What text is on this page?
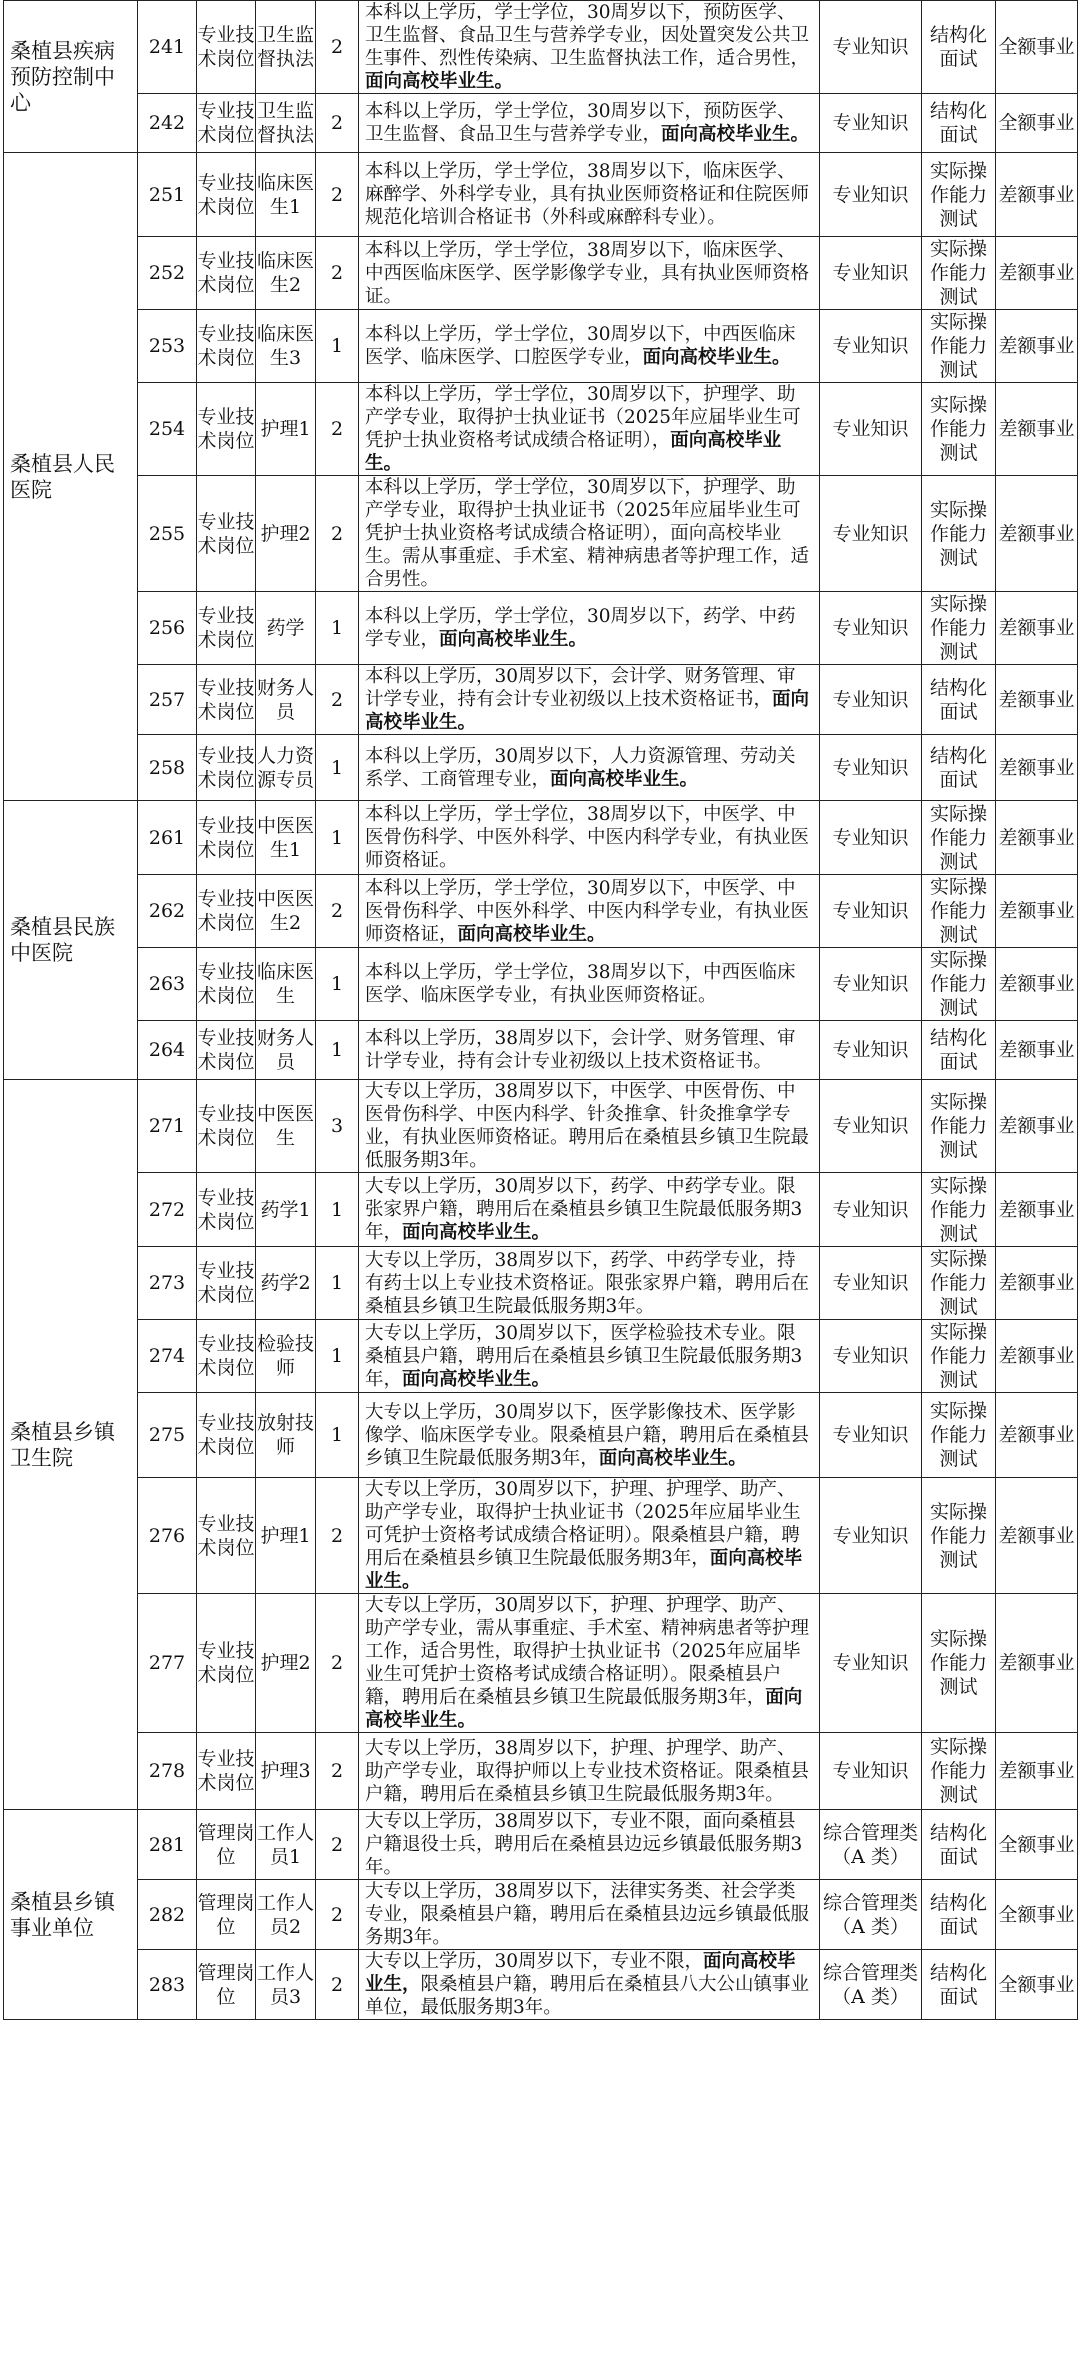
桑植县疾病预防控制中心	241	专业技术岗位	卫生监督执法	2	本科以上学历，学士学位，30周岁以下，预防医学、卫生监督、食品卫生与营养学专业，因处置突发公共卫生事件、烈性传染病、卫生监督执法工作，适合男性，面向高校毕业生。	专业知识	结构化面试	全额事业
	242	专业技术岗位	卫生监督执法	2	本科以上学历，学士学位，30周岁以下，预防医学、卫生监督、食品卫生与营养学专业，面向高校毕业生。	专业知识	结构化面试	全额事业
桑植县人民医院	251	专业技术岗位	临床医生1	2	本科以上学历，学士学位，38周岁以下，临床医学、麻醉学、外科学专业，具有执业医师资格证和住院医师规范化培训合格证书（外科或麻醉科专业）。	专业知识	实际操作能力测试	差额事业
	252	专业技术岗位	临床医生2	2	本科以上学历，学士学位，38周岁以下，临床医学、中西医临床医学、医学影像学专业，具有执业医师资格证。	专业知识	实际操作能力测试	差额事业
	253	专业技术岗位	临床医生3	1	本科以上学历，学士学位，30周岁以下，中西医临床医学、临床医学、口腔医学专业，面向高校毕业生。	专业知识	实际操作能力测试	差额事业
	254	专业技术岗位	护理1	2	本科以上学历，学士学位，30周岁以下，护理学、助产学专业，取得护士执业证书（2025年应届毕业生可凭护士执业资格考试成绩合格证明），面向高校毕业生。	专业知识	实际操作能力测试	差额事业
	255	专业技术岗位	护理2	2	本科以上学历，学士学位，30周岁以下，护理学、助产学专业，取得护士执业证书（2025年应届毕业生可凭护士执业资格考试成绩合格证明），面向高校毕业生。需从事重症、手术室、精神病患者等护理工作，适合男性。	专业知识	实际操作能力测试	差额事业
	256	专业技术岗位	药学	1	本科以上学历，学士学位，30周岁以下，药学、中药学专业，面向高校毕业生。	专业知识	实际操作能力测试	差额事业
	257	专业技术岗位	财务人员	2	本科以上学历，30周岁以下，会计学、财务管理、审计学专业，持有会计专业初级以上技术资格证书，面向高校毕业生。	专业知识	结构化面试	差额事业
	258	专业技术岗位	人力资源专员	1	本科以上学历，30周岁以下，人力资源管理、劳动关系学、工商管理专业，面向高校毕业生。	专业知识	结构化面试	差额事业
桑植县民族中医院	261	专业技术岗位	中医医生1	1	本科以上学历，学士学位，38周岁以下，中医学、中医骨伤科学、中医外科学、中医内科学专业，有执业医师资格证。	专业知识	实际操作能力测试	差额事业
	262	专业技术岗位	中医医生2	2	本科以上学历，学士学位，30周岁以下，中医学、中医骨伤科学、中医外科学、中医内科学专业，有执业医师资格证，面向高校毕业生。	专业知识	实际操作能力测试	差额事业
	263	专业技术岗位	临床医生	1	本科以上学历，学士学位，38周岁以下，中西医临床医学、临床医学专业，有执业医师资格证。	专业知识	实际操作能力测试	差额事业
	264	专业技术岗位	财务人员	1	本科以上学历，38周岁以下，会计学、财务管理、审计学专业，持有会计专业初级以上技术资格证书。	专业知识	结构化面试	差额事业
桑植县乡镇卫生院	271	专业技术岗位	中医医生	3	大专以上学历，38周岁以下，中医学、中医骨伤、中医骨伤科学、中医内科学、针灸推拿、针灸推拿学专业，有执业医师资格证。聘用后在桑植县乡镇卫生院最低服务期3年。	专业知识	实际操作能力测试	差额事业
	272	专业技术岗位	药学1	1	大专以上学历，30周岁以下，药学、中药学专业。限张家界户籍，聘用后在桑植县乡镇卫生院最低服务期3年，面向高校毕业生。	专业知识	实际操作能力测试	差额事业
	273	专业技术岗位	药学2	1	大专以上学历，38周岁以下，药学、中药学专业，持有药士以上专业技术资格证。限张家界户籍，聘用后在桑植县乡镇卫生院最低服务期3年。	专业知识	实际操作能力测试	差额事业
	274	专业技术岗位	检验技师	1	大专以上学历，30周岁以下，医学检验技术专业。限桑植县户籍，聘用后在桑植县乡镇卫生院最低服务期3年，面向高校毕业生。	专业知识	实际操作能力测试	差额事业
	275	专业技术岗位	放射技师	1	大专以上学历，30周岁以下，医学影像技术、医学影像学、临床医学专业。限桑植县户籍，聘用后在桑植县乡镇卫生院最低服务期3年，面向高校毕业生。	专业知识	实际操作能力测试	差额事业
	276	专业技术岗位	护理1	2	大专以上学历，30周岁以下，护理、护理学、助产、助产学专业，取得护士执业证书（2025年应届毕业生可凭护士资格考试成绩合格证明）。限桑植县户籍，聘用后在桑植县乡镇卫生院最低服务期3年，面向高校毕业生。	专业知识	实际操作能力测试	差额事业
	277	专业技术岗位	护理2	2	大专以上学历，30周岁以下，护理、护理学、助产、助产学专业，需从事重症、手术室、精神病患者等护理工作，适合男性，取得护士执业证书（2025年应届毕业生可凭护士资格考试成绩合格证明）。限桑植县户籍，聘用后在桑植县乡镇卫生院最低服务期3年，面向高校毕业生。	专业知识	实际操作能力测试	差额事业
	278	专业技术岗位	护理3	2	大专以上学历，38周岁以下，护理、护理学、助产、助产学专业，取得护师以上专业技术资格证。限桑植县户籍，聘用后在桑植县乡镇卫生院最低服务期3年。	专业知识	实际操作能力测试	差额事业
桑植县乡镇事业单位	281	管理岗位	工作人员1	2	大专以上学历，38周岁以下，专业不限，面向桑植县户籍退役士兵，聘用后在桑植县边远乡镇最低服务期3年。	综合管理类（A 类）	结构化面试	全额事业
	282	管理岗位	工作人员2	2	大专以上学历，38周岁以下，法律实务类、社会学类专业，限桑植县户籍，聘用后在桑植县边远乡镇最低服务期3年。	综合管理类（A 类）	结构化面试	全额事业
	283	管理岗位	工作人员3	2	大专以上学历，30周岁以下，专业不限，面向高校毕业生，限桑植县户籍，聘用后在桑植县八大公山镇事业单位，最低服务期3年。	综合管理类（A 类）	结构化面试	全额事业
